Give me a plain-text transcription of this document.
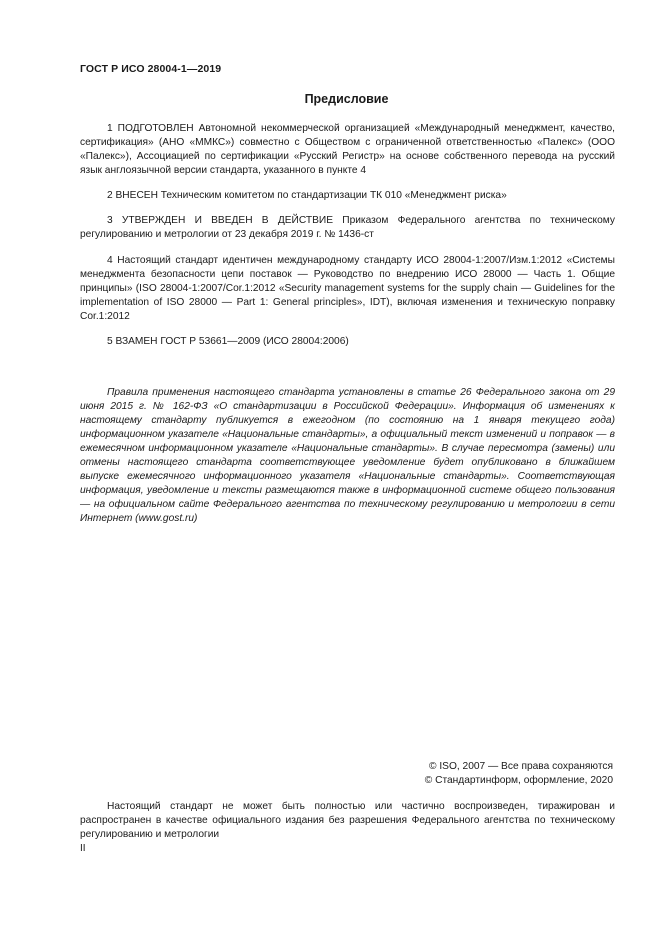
ГОСТ Р ИСО 28004-1—2019
Предисловие

1 ПОДГОТОВЛЕН Автономной некоммерческой организацией «Международный менеджмент, качество, сертификация» (АНО «ММКС») совместно с Обществом с ограниченной ответственностью «Палекс» (ООО «Палекс»), Ассоциацией по сертификации «Русский Регистр» на основе собственного перевода на русский язык англоязычной версии стандарта, указанного в пункте 4

2 ВНЕСЕН Техническим комитетом по стандартизации ТК 010 «Менеджмент риска»

3 УТВЕРЖДЕН И ВВЕДЕН В ДЕЙСТВИЕ Приказом Федерального агентства по техническому регулированию и метрологии от 23 декабря 2019 г. № 1436-ст

4 Настоящий стандарт идентичен международному стандарту ИСО 28004-1:2007/Изм.1:2012 «Системы менеджмента безопасности цепи поставок — Руководство по внедрению ИСО 28000 — Часть 1. Общие принципы» (ISO 28004-1:2007/Cor.1:2012 «Security management systems for the supply chain — Guidelines for the implementation of ISO 28000 — Part 1: General principles», IDT), включая изменения и техническую поправку Cor.1:2012

5 ВЗАМЕН ГОСТ Р 53661—2009 (ИСО 28004:2006)

Правила применения настоящего стандарта установлены в статье 26 Федерального закона от 29 июня 2015 г. № 162-ФЗ «О стандартизации в Российской Федерации». Информация об изменениях к настоящему стандарту публикуется в ежегодном (по состоянию на 1 января текущего года) информационном указателе «Национальные стандарты», а официальный текст изменений и поправок — в ежемесячном информационном указателе «Национальные стандарты». В случае пересмотра (замены) или отмены настоящего стандарта соответствующее уведомление будет опубликовано в ближайшем выпуске ежемесячного информационного указателя «Национальные стандарты». Соответствующая информация, уведомление и тексты размещаются также в информационной системе общего пользования — на официальном сайте Федерального агентства по техническому регулированию и метрологии в сети Интернет (www.gost.ru)

© ISO, 2007 — Все права сохраняются
© Стандартинформ, оформление, 2020

Настоящий стандарт не может быть полностью или частично воспроизведен, тиражирован и распространен в качестве официального издания без разрешения Федерального агентства по техническому регулированию и метрологии

II
